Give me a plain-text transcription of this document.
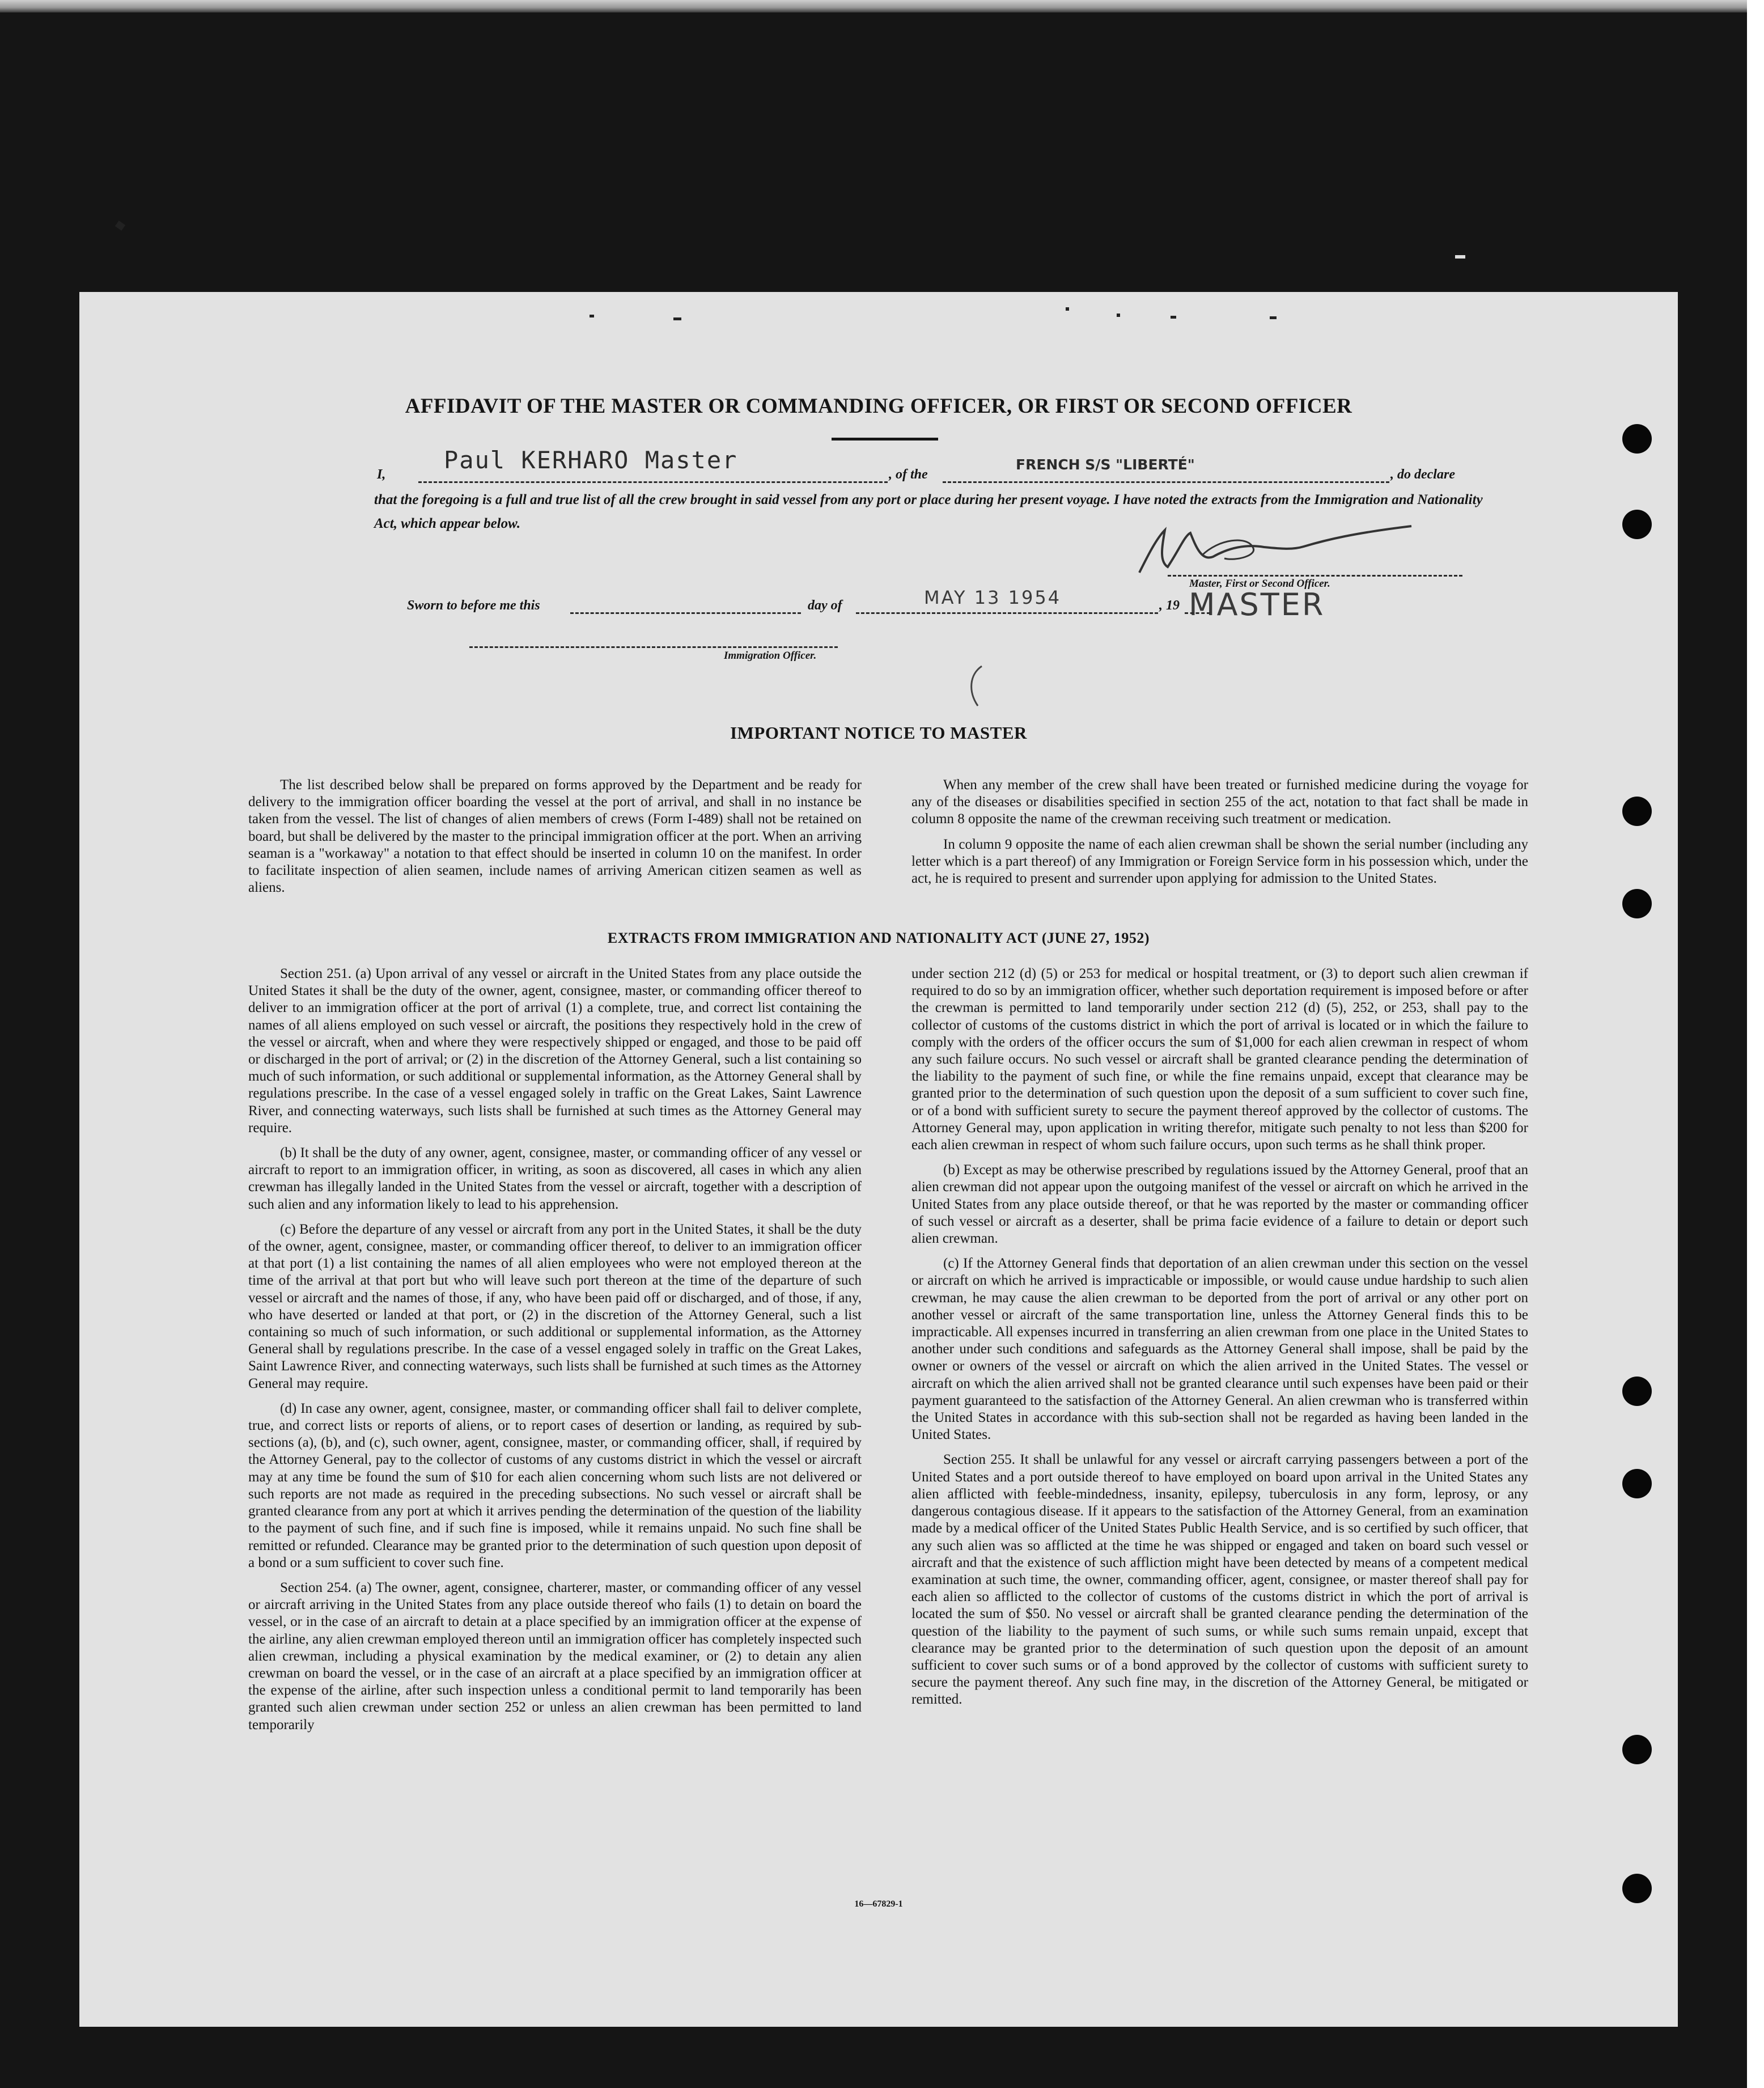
AFFIDAVIT OF THE MASTER OR COMMANDING OFFICER, OR FIRST OR SECOND OFFICER
I,
Paul KERHARO Master
, of the
FRENCH S/S "LIBERTÉ"
, do declare
that the foregoing is a full and true list of all the crew brought in said vessel from any port or place during her present voyage. I have noted the extracts from the Immigration and Nationality Act, which appear below.
Master, First or Second Officer.
MASTER
Sworn to before me this	day of	MAY 13 1954	, 19
Immigration Officer.
IMPORTANT NOTICE TO MASTER

The list described below shall be prepared on forms approved by the Department and be ready for delivery to the immigration officer boarding the vessel at the port of arrival, and shall in no instance be taken from the vessel. The list of changes of alien members of crews (Form I-489) shall not be retained on board, but shall be delivered by the master to the principal immigration officer at the port. When an arriving seaman is a "workaway" a notation to that effect should be inserted in column 10 on the manifest. In order to facilitate inspection of alien seamen, include names of arriving American citizen seamen as well as aliens.

When any member of the crew shall have been treated or furnished medicine during the voyage for any of the diseases or disabilities specified in section 255 of the act, notation to that fact shall be made in column 8 opposite the name of the crewman receiving such treatment or medication.

In column 9 opposite the name of each alien crewman shall be shown the serial number (including any letter which is a part thereof) of any Immigration or Foreign Service form in his possession which, under the act, he is required to present and surrender upon applying for admission to the United States.

EXTRACTS FROM IMMIGRATION AND NATIONALITY ACT (JUNE 27, 1952)

Section 251. (a) Upon arrival of any vessel or aircraft in the United States from any place outside the United States it shall be the duty of the owner, agent, consignee, master, or commanding officer thereof to deliver to an immigration officer at the port of arrival (1) a complete, true, and correct list containing the names of all aliens employed on such vessel or aircraft, the positions they respectively hold in the crew of the vessel or aircraft, when and where they were respectively shipped or engaged, and those to be paid off or discharged in the port of arrival; or (2) in the discretion of the Attorney General, such a list containing so much of such information, or such additional or supplemental information, as the Attorney General shall by regulations prescribe. In the case of a vessel engaged solely in traffic on the Great Lakes, Saint Lawrence River, and connecting waterways, such lists shall be furnished at such times as the Attorney General may require.

(b) It shall be the duty of any owner, agent, consignee, master, or commanding officer of any vessel or aircraft to report to an immigration officer, in writing, as soon as discovered, all cases in which any alien crewman has illegally landed in the United States from the vessel or aircraft, together with a description of such alien and any information likely to lead to his apprehension.

(c) Before the departure of any vessel or aircraft from any port in the United States, it shall be the duty of the owner, agent, consignee, master, or commanding officer thereof, to deliver to an immigration officer at that port (1) a list containing the names of all alien employees who were not employed thereon at the time of the arrival at that port but who will leave such port thereon at the time of the departure of such vessel or aircraft and the names of those, if any, who have been paid off or discharged, and of those, if any, who have deserted or landed at that port, or (2) in the discretion of the Attorney General, such a list containing so much of such information, or such additional or supplemental information, as the Attorney General shall by regulations prescribe. In the case of a vessel engaged solely in traffic on the Great Lakes, Saint Lawrence River, and connecting waterways, such lists shall be furnished at such times as the Attorney General may require.

(d) In case any owner, agent, consignee, master, or commanding officer shall fail to deliver complete, true, and correct lists or reports of aliens, or to report cases of desertion or landing, as required by sub-sections (a), (b), and (c), such owner, agent, consignee, master, or commanding officer, shall, if required by the Attorney General, pay to the collector of customs of any customs district in which the vessel or aircraft may at any time be found the sum of $10 for each alien concerning whom such lists are not delivered or such reports are not made as required in the preceding subsections. No such vessel or aircraft shall be granted clearance from any port at which it arrives pending the determination of the question of the liability to the payment of such fine, and if such fine is imposed, while it remains unpaid. No such fine shall be remitted or refunded. Clearance may be granted prior to the determination of such question upon deposit of a bond or a sum sufficient to cover such fine.

Section 254. (a) The owner, agent, consignee, charterer, master, or commanding officer of any vessel or aircraft arriving in the United States from any place outside thereof who fails (1) to detain on board the vessel, or in the case of an aircraft to detain at a place specified by an immigration officer at the expense of the airline, any alien crewman employed thereon until an immigration officer has completely inspected such alien crewman, including a physical examination by the medical examiner, or (2) to detain any alien crewman on board the vessel, or in the case of an aircraft at a place specified by an immigration officer at the expense of the airline, after such inspection unless a conditional permit to land temporarily has been granted such alien crewman under section 252 or unless an alien crewman has been permitted to land temporarily

under section 212 (d) (5) or 253 for medical or hospital treatment, or (3) to deport such alien crewman if required to do so by an immigration officer, whether such deportation requirement is imposed before or after the crewman is permitted to land temporarily under section 212 (d) (5), 252, or 253, shall pay to the collector of customs of the customs district in which the port of arrival is located or in which the failure to comply with the orders of the officer occurs the sum of $1,000 for each alien crewman in respect of whom any such failure occurs. No such vessel or aircraft shall be granted clearance pending the determination of the liability to the payment of such fine, or while the fine remains unpaid, except that clearance may be granted prior to the determination of such question upon the deposit of a sum sufficient to cover such fine, or of a bond with sufficient surety to secure the payment thereof approved by the collector of customs. The Attorney General may, upon application in writing therefor, mitigate such penalty to not less than $200 for each alien crewman in respect of whom such failure occurs, upon such terms as he shall think proper.

(b) Except as may be otherwise prescribed by regulations issued by the Attorney General, proof that an alien crewman did not appear upon the outgoing manifest of the vessel or aircraft on which he arrived in the United States from any place outside thereof, or that he was reported by the master or commanding officer of such vessel or aircraft as a deserter, shall be prima facie evidence of a failure to detain or deport such alien crewman.

(c) If the Attorney General finds that deportation of an alien crewman under this section on the vessel or aircraft on which he arrived is impracticable or impossible, or would cause undue hardship to such alien crewman, he may cause the alien crewman to be deported from the port of arrival or any other port on another vessel or aircraft of the same transportation line, unless the Attorney General finds this to be impracticable. All expenses incurred in transferring an alien crewman from one place in the United States to another under such conditions and safeguards as the Attorney General shall impose, shall be paid by the owner or owners of the vessel or aircraft on which the alien arrived in the United States. The vessel or aircraft on which the alien arrived shall not be granted clearance until such expenses have been paid or their payment guaranteed to the satisfaction of the Attorney General. An alien crewman who is transferred within the United States in accordance with this sub-section shall not be regarded as having been landed in the United States.

Section 255. It shall be unlawful for any vessel or aircraft carrying passengers between a port of the United States and a port outside thereof to have employed on board upon arrival in the United States any alien afflicted with feeble-mindedness, insanity, epilepsy, tuberculosis in any form, leprosy, or any dangerous contagious disease. If it appears to the satisfaction of the Attorney General, from an examination made by a medical officer of the United States Public Health Service, and is so certified by such officer, that any such alien was so afflicted at the time he was shipped or engaged and taken on board such vessel or aircraft and that the existence of such affliction might have been detected by means of a competent medical examination at such time, the owner, commanding officer, agent, consignee, or master thereof shall pay for each alien so afflicted to the collector of customs of the customs district in which the port of arrival is located the sum of $50. No vessel or aircraft shall be granted clearance pending the determination of the question of the liability to the payment of such sums, or while such sums remain unpaid, except that clearance may be granted prior to the determination of such question upon the deposit of an amount sufficient to cover such sums or of a bond approved by the collector of customs with sufficient surety to secure the payment thereof. Any such fine may, in the discretion of the Attorney General, be mitigated or remitted.

16—67829-1
